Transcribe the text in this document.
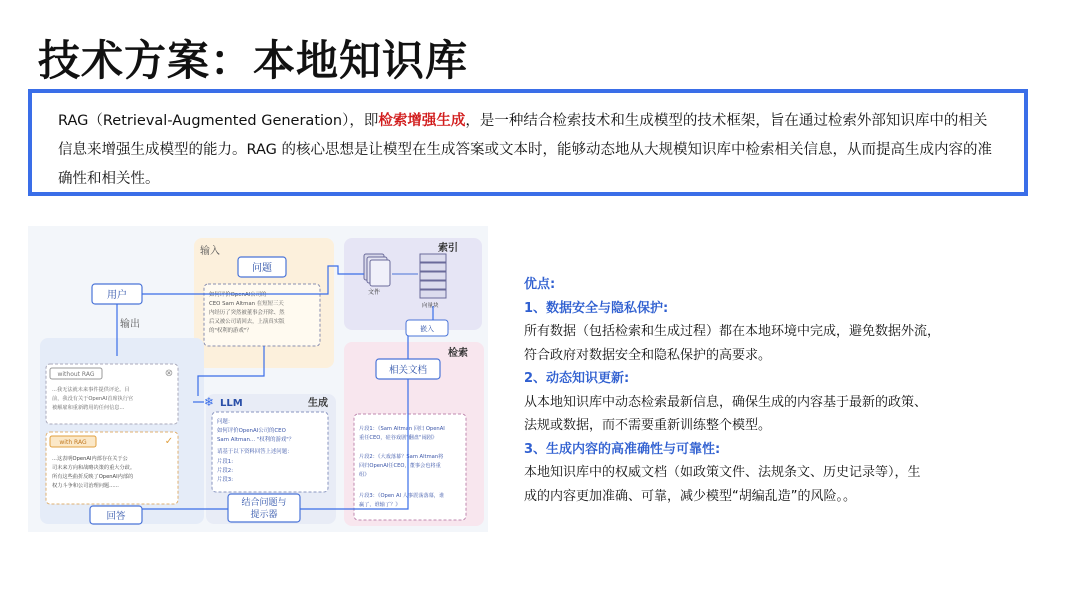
技术方案：本地知识库
RAG（Retrieval-Augmented Generation），即检索增强生成，是一种结合检索技术和生成模型的技术框架，旨在通过检索外部知识库中的相关信息来增强生成模型的能力。RAG 的核心思想是让模型在生成答案或文本时，能够动态地从大规模知识库中检索相关信息，从而提高生成内容的准确性和相关性。
输入	索引
检索
生成
输出
问题
如何评价OpenAI公司的
CEO Sam Altman 在短短三天
内经历了突然被董事会开除、然
后又被公司请回去，上演真实版
的"权利的游戏"？
用户	文件
向量块
嵌入
相关文档
片段1：《Sam Altman 回归 OpenAI
重任CEO，硅谷戏剧"翻盘"闹剧》
片段2：《大戏落幕？Sam Altman将
回归OpenAI任CEO，董事会也将重
组》
片段3：《Open AI 人事震荡落幕，谁
赢了，谁输了？》
❄ LLM
问题：
如何评价OpenAI公司的CEO
Sam Altman... "权利的游戏"？
请基于以下资料回答上述问题：
片段1:
片段2:
片段3:
结合问题与
提示器
without RAG	⊗
...我无法就未来事件提供评论。目
前，我没有关于OpenAI首席执行官
被解雇和重新聘用的任何信息...
with RAG	✓
...这表明OpenAI内部存在关于公
司未来方向和战略决策的重大分歧。
所有这些曲折反映了OpenAI内部的
权力斗争和公司治理问题......
回答
优点:
1、数据安全与隐私保护:
所有数据（包括检索和生成过程）都在本地环境中完成，避免数据外流，
符合政府对数据安全和隐私保护的高要求。
2、动态知识更新:
从本地知识库中动态检索最新信息，确保生成的内容基于最新的政策、
法规或数据，而不需要重新训练整个模型。
3、生成内容的高准确性与可靠性:
本地知识库中的权威文档（如政策文件、法规条文、历史记录等），生
成的内容更加准确、可靠，减少模型“胡编乱造”的风险。。
